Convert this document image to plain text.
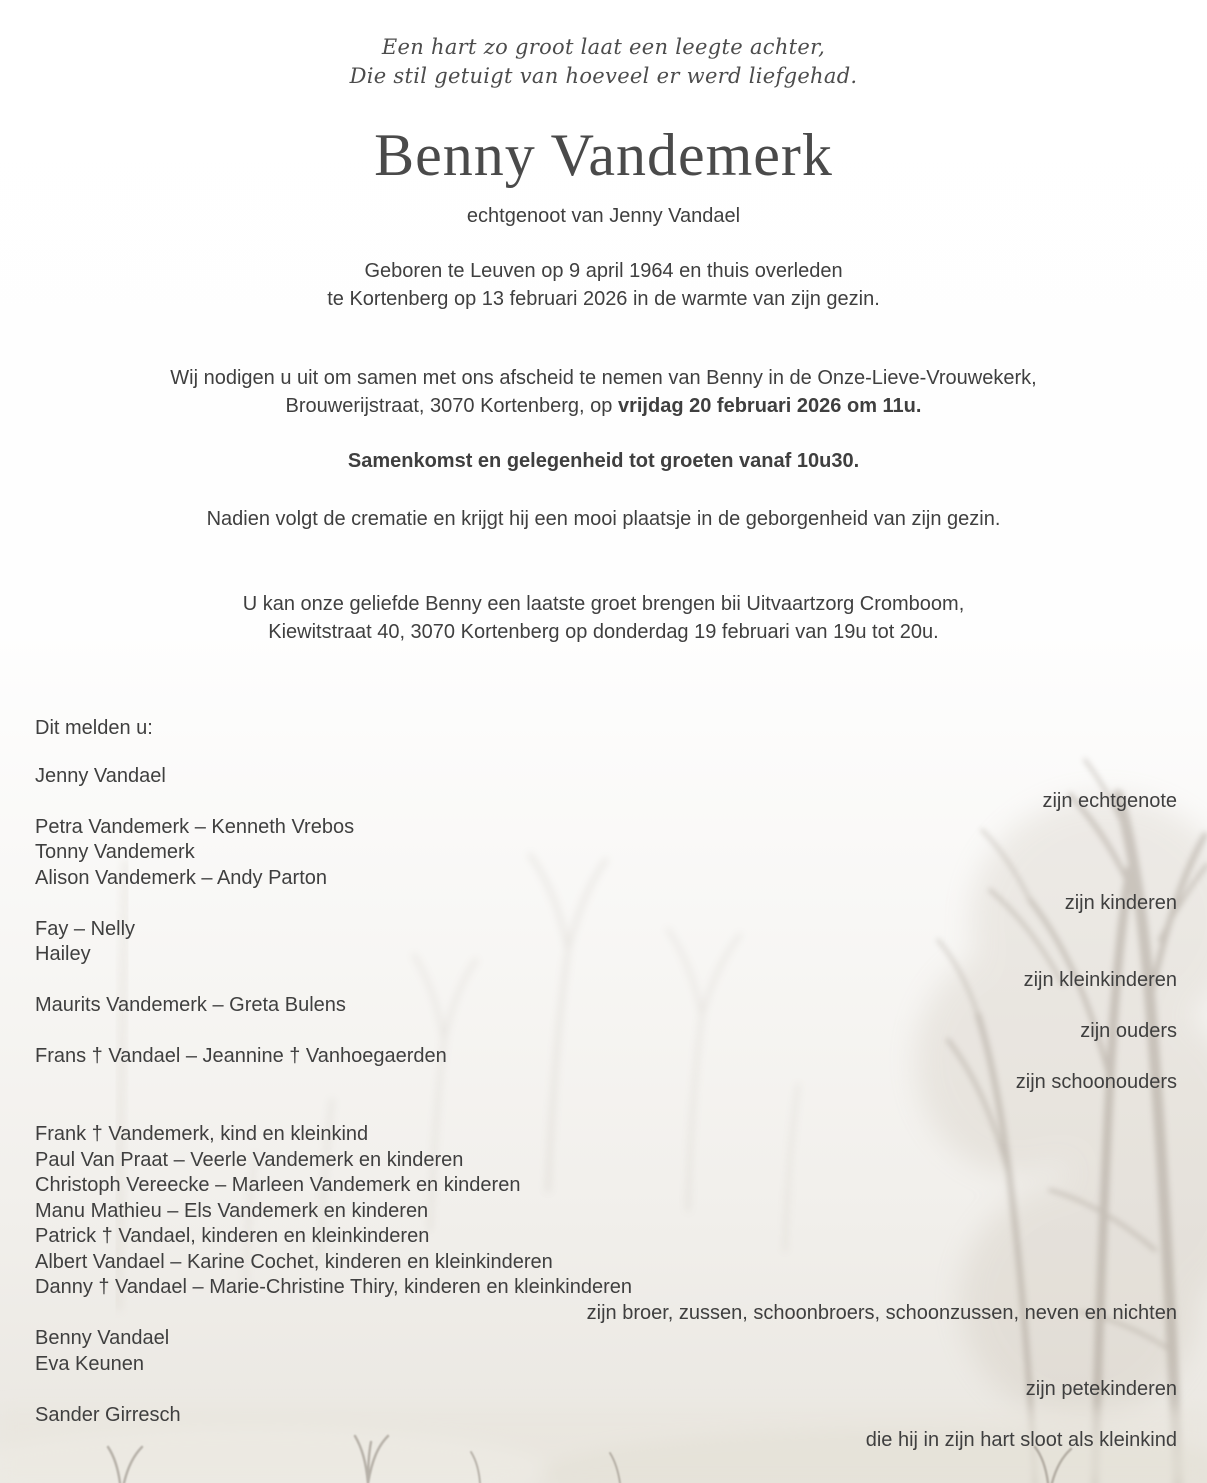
Een hart zo groot laat een leegte achter,
Die stil getuigt van hoeveel er werd liefgehad.
Benny Vandemerk
echtgenoot van Jenny Vandael

Geboren te Leuven op 9 april 1964 en thuis overleden
te Kortenberg op 13 februari 2026 in de warmte van zijn gezin.

Wij nodigen u uit om samen met ons afscheid te nemen van Benny in de Onze-Lieve-Vrouwekerk,
Brouwerijstraat, 3070 Kortenberg, op vrijdag 20 februari 2026 om 11u.

Samenkomst en gelegenheid tot groeten vanaf 10u30.

Nadien volgt de crematie en krijgt hij een mooi plaatsje in de geborgenheid van zijn gezin.

U kan onze geliefde Benny een laatste groet brengen bii Uitvaartzorg Cromboom,
Kiewitstraat 40, 3070 Kortenberg op donderdag 19 februari van 19u tot 20u.

Dit melden u:

Jenny Vandael
zijn echtgenote
Petra Vandemerk – Kenneth Vrebos
Tonny Vandemerk
Alison Vandemerk – Andy Parton
zijn kinderen
Fay – Nelly
Hailey
zijn kleinkinderen
Maurits Vandemerk – Greta Bulens
zijn ouders
Frans † Vandael – Jeannine † Vanhoegaerden
zijn schoonouders
Frank † Vandemerk, kind en kleinkind
Paul Van Praat – Veerle Vandemerk en kinderen
Christoph Vereecke – Marleen Vandemerk en kinderen
Manu Mathieu – Els Vandemerk en kinderen
Patrick † Vandael, kinderen en kleinkinderen
Albert Vandael – Karine Cochet, kinderen en kleinkinderen
Danny † Vandael – Marie-Christine Thiry, kinderen en kleinkinderen
zijn broer, zussen, schoonbroers, schoonzussen, neven en nichten
Benny Vandael
Eva Keunen
zijn petekinderen
Sander Girresch
die hij in zijn hart sloot als kleinkind
